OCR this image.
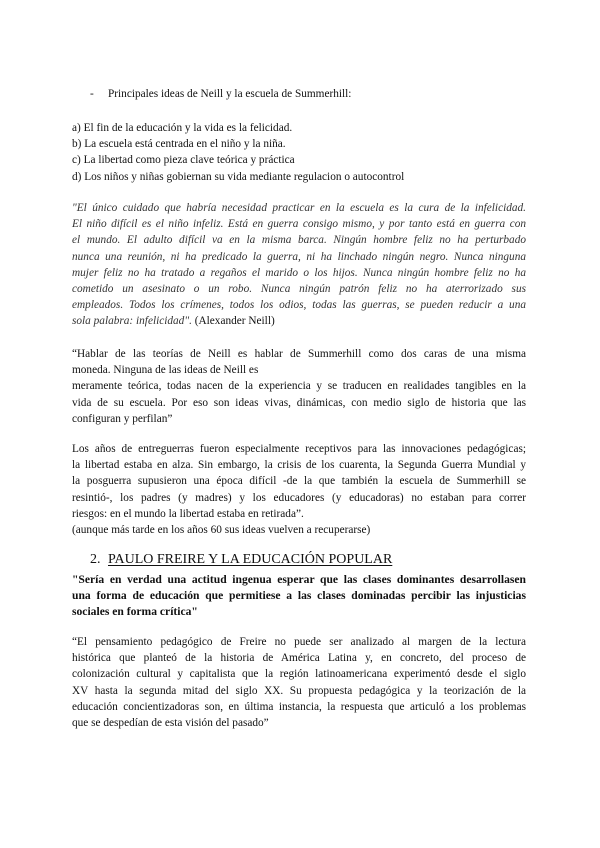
- Principales ideas de Neill y la escuela de Summerhill:
a) El fin de la educación y la vida es la felicidad.
b) La escuela está centrada en el niño y la niña.
c) La libertad como pieza clave teórica y práctica
d) Los niños y niñas gobiernan su vida mediante regulacion o autocontrol
"El único cuidado que habría necesidad practicar en la escuela es la cura de la infelicidad.
El niño difícil es el niño infeliz. Está en guerra consigo mismo, y por tanto está en guerra con
el mundo. El adulto difícil va en la misma barca. Ningún hombre feliz no ha perturbado
nunca una reunión, ni ha predicado la guerra, ni ha linchado ningún negro. Nunca ninguna
mujer feliz no ha tratado a regaños el marido o los hijos. Nunca ningún hombre feliz no ha
cometido un asesinato o un robo. Nunca ningún patrón feliz no ha aterrorizado sus
empleados. Todos los crímenes, todos los odios, todas las guerras, se pueden reducir a una
sola palabra: infelicidad". (Alexander Neill)
“Hablar de las teorías de Neill es hablar de Summerhill como dos caras de una misma
moneda. Ninguna de las ideas de Neill es
meramente teórica, todas nacen de la experiencia y se traducen en realidades tangibles en la
vida de su escuela. Por eso son ideas vivas, dinámicas, con medio siglo de historia que las
configuran y perfilan”
Los años de entreguerras fueron especialmente receptivos para las innovaciones pedagógicas;
la libertad estaba en alza. Sin embargo, la crisis de los cuarenta, la Segunda Guerra Mundial y
la posguerra supusieron una época difícil -de la que también la escuela de Summerhill se
resintió-, los padres (y madres) y los educadores (y educadoras) no estaban para correr
riesgos: en el mundo la libertad estaba en retirada”.
(aunque más tarde en los años 60 sus ideas vuelven a recuperarse)
2. PAULO FREIRE Y LA EDUCACIÓN POPULAR
"Sería en verdad una actitud ingenua esperar que las clases dominantes desarrollasen
una forma de educación que permitiese a las clases dominadas percibir las injusticias
sociales en forma crítica"
“El pensamiento pedagógico de Freire no puede ser analizado al margen de la lectura
histórica que planteó de la historia de América Latina y, en concreto, del proceso de
colonización cultural y capitalista que la región latinoamericana experimentó desde el siglo
XV hasta la segunda mitad del siglo XX. Su propuesta pedagógica y la teorización de la
educación concientizadoras son, en última instancia, la respuesta que articuló a los problemas
que se despedían de esta visión del pasado”
